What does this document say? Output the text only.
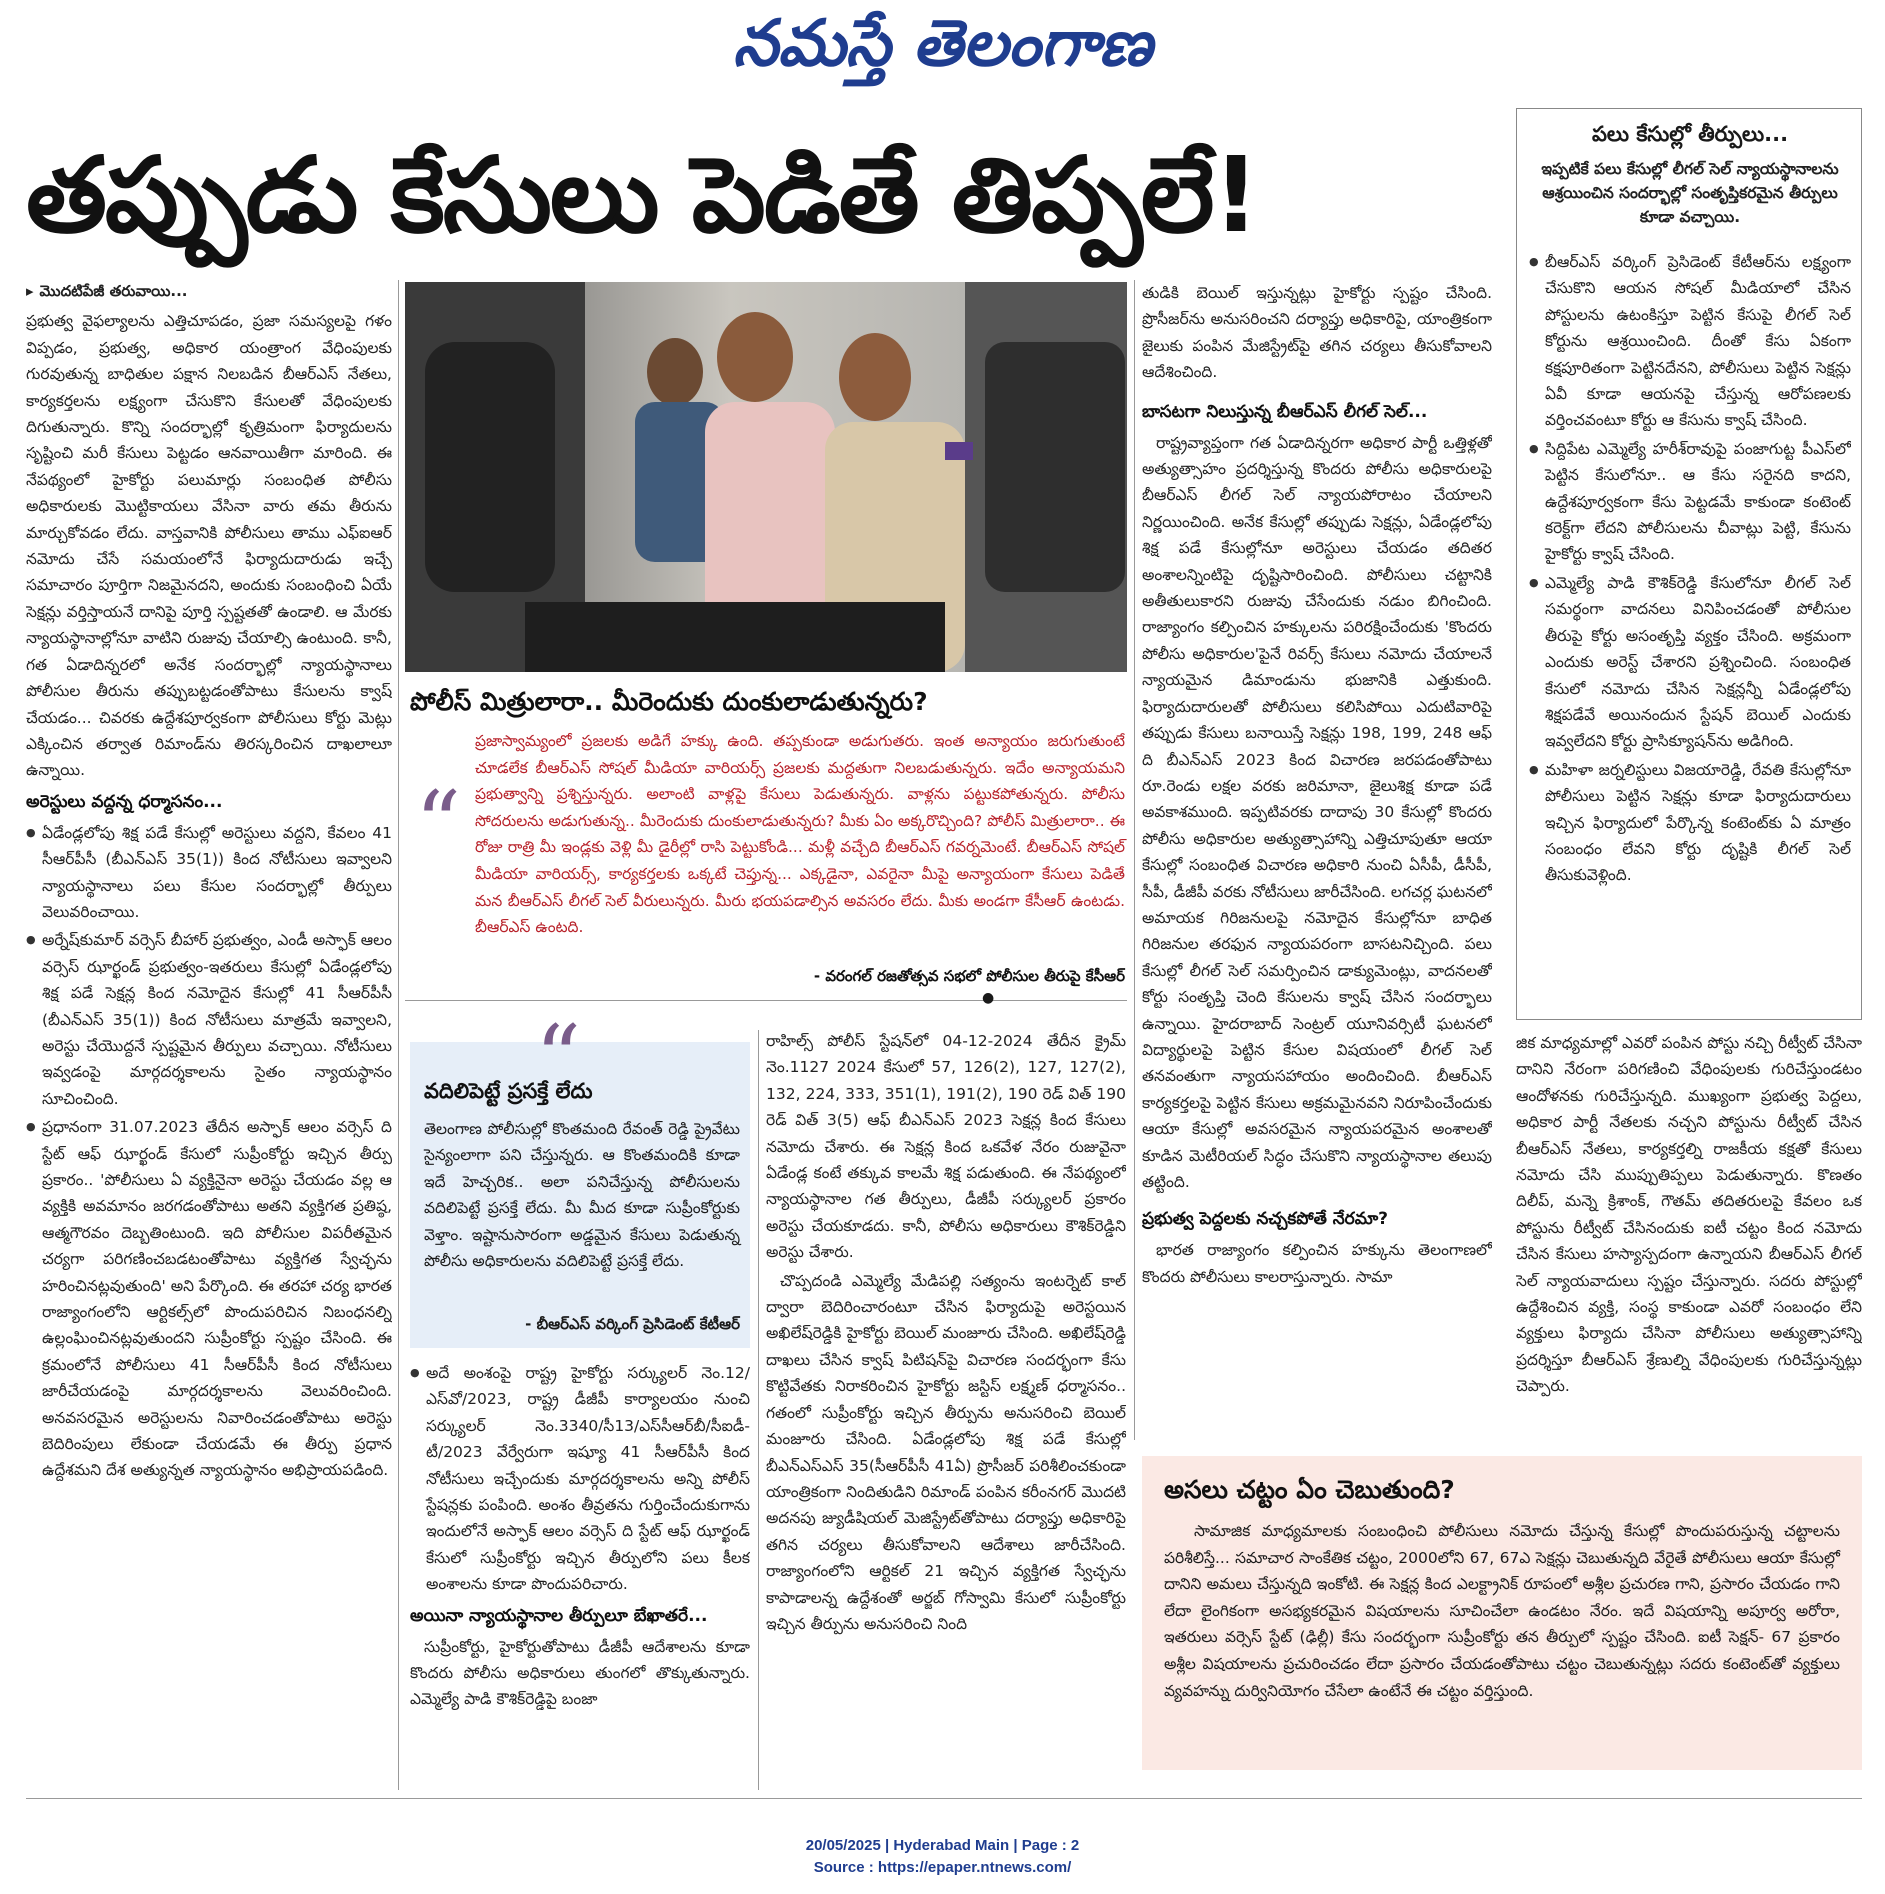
నమస్తే తెలంగాణ
తప్పుడు కేసులు పెడితే తిప్పలే!
▸ మొదటిపేజీ తరువాయి...

ప్రభుత్వ వైఫల్యాలను ఎత్తిచూపడం, ప్రజా సమస్యలపై గళం విప్పడం, ప్రభుత్వ, అధికార యంత్రాంగ వేధింపులకు గురవుతున్న బాధితుల పక్షాన నిలబడిన బీఆర్‌ఎస్ నేతలు, కార్యకర్తలను లక్ష్యంగా చేసుకొని కేసులతో వేధింపులకు దిగుతున్నారు. కొన్ని సందర్భాల్లో కృత్రిమంగా ఫిర్యాదులను సృష్టించి మరీ కేసులు పెట్టడం ఆనవాయితీగా మారింది. ఈ నేపథ్యంలో హైకోర్టు పలుమార్లు సంబంధిత పోలీసు అధికారులకు మొట్టికాయలు వేసినా వారు తమ తీరును మార్చుకోవడం లేదు. వాస్తవానికి పోలీసులు తాము ఎఫ్‌ఐఆర్ నమోదు చేసే సమయంలోనే ఫిర్యాదుదారుడు ఇచ్చే సమాచారం పూర్తిగా నిజమైనదని, అందుకు సంబంధించి ఏయే సెక్షన్లు వర్తిస్తాయనే దానిపై పూర్తి స్పష్టతతో ఉండాలి. ఆ మేరకు న్యాయస్థానాల్లోనూ వాటిని రుజువు చేయాల్సి ఉంటుంది. కానీ, గత ఏడాదిన్నరలో అనేక సందర్భాల్లో న్యాయస్థానాలు పోలీసుల తీరును తప్పుబట్టడంతోపాటు కేసులను క్వాష్ చేయడం... చివరకు ఉద్దేశపూర్వకంగా పోలీసులు కోర్టు మెట్లు ఎక్కించిన తర్వాత రిమాండ్‌ను తిరస్కరించిన దాఖలాలూ ఉన్నాయి.

అరెస్టులు వద్దన్న ధర్మాసనం...
● ఏడేండ్లలోపు శిక్ష పడే కేసుల్లో అరెస్టులు వద్దని, కేవలం 41 సీఆర్‌పీసీ (బీఎన్‌ఎస్ 35(1)) కింద నోటీసులు ఇవ్వాలని న్యాయస్థానాలు పలు కేసుల సందర్భాల్లో తీర్పులు వెలువరించాయి.
● అర్నేష్‌కుమార్ వర్సెస్ బీహార్ ప్రభుత్వం, ఎండీ అస్ఫాక్ ఆలం వర్సెస్ ఝార్ఖండ్ ప్రభుత్వం-ఇతరులు కేసుల్లో ఏడేండ్లలోపు శిక్ష పడే సెక్షన్ల కింద నమోదైన కేసుల్లో 41 సీఆర్‌పీసీ (బీఎన్‌ఎస్ 35(1)) కింద నోటీసులు మాత్రమే ఇవ్వాలని, అరెస్టు చేయొద్దనే స్పష్టమైన తీర్పులు వచ్చాయి. నోటీసులు ఇవ్వడంపై మార్గదర్శకాలను సైతం న్యాయస్థానం సూచించింది.
● ప్రధానంగా 31.07.2023 తేదీన అస్ఫాక్ ఆలం వర్సెస్ ది స్టేట్ ఆఫ్ ఝార్ఖండ్ కేసులో సుప్రీంకోర్టు ఇచ్చిన తీర్పు ప్రకారం.. 'పోలీసులు ఏ వ్యక్తినైనా అరెస్టు చేయడం వల్ల ఆ వ్యక్తికి అవమానం జరగడంతోపాటు అతని వ్యక్తిగత ప్రతిష్ఠ, ఆత్మగౌరవం దెబ్బతింటుంది. ఇది పోలీసుల విపరీతమైన చర్యగా పరిగణించబడటంతోపాటు వ్యక్తిగత స్వేచ్ఛను హరించినట్లవుతుంది' అని పేర్కొంది. ఈ తరహా చర్య భారత రాజ్యాంగంలోని ఆర్టికల్స్‌లో పొందుపరిచిన నిబంధనల్ని ఉల్లంఘించినట్లవుతుందని సుప్రీంకోర్టు స్పష్టం చేసింది. ఈ క్రమంలోనే పోలీసులు 41 సీఆర్‌పీసీ కింద నోటీసులు జారీచేయడంపై మార్గదర్శకాలను వెలువరించింది. అనవసరమైన అరెస్టులను నివారించడంతోపాటు అరెస్టు బెదిరింపులు లేకుండా చేయడమే ఈ తీర్పు ప్రధాన ఉద్దేశమని దేశ అత్యున్నత న్యాయస్థానం అభిప్రాయపడింది.
పోలీస్ మిత్రులారా.. మీరెందుకు దుంకులాడుతున్నరు?
“
ప్రజాస్వామ్యంలో ప్రజలకు అడిగే హక్కు ఉంది. తప్పకుండా అడుగుతరు. ఇంత అన్యాయం జరుగుతుంటే చూడలేక బీఆర్‌ఎస్ సోషల్ మీడియా వారియర్స్ ప్రజలకు మద్దతుగా నిలబడుతున్నరు. ఇదేం అన్యాయమని ప్రభుత్వాన్ని ప్రశ్నిస్తున్నరు. అలాంటి వాళ్లపై కేసులు పెడుతున్నరు. వాళ్లను పట్టుకపోతున్నరు. పోలీసు సోదరులను అడుగుతున్న.. మీరెందుకు దుంకులాడుతున్నరు? మీకు ఏం అక్కరొచ్చింది? పోలీస్ మిత్రులారా.. ఈ రోజు రాత్రి మీ ఇండ్లకు వెళ్లి మీ డైరీల్లో రాసి పెట్టుకోండి... మళ్లీ వచ్చేది బీఆర్‌ఎస్ గవర్నమెంటే. బీఆర్‌ఎస్ సోషల్ మీడియా వారియర్స్, కార్యకర్తలకు ఒక్కటే చెప్తున్న... ఎక్కడైనా, ఎవరైనా మీపై అన్యాయంగా కేసులు పెడితే మన బీఆర్‌ఎస్ లీగల్ సెల్ వీరులున్నరు. మీరు భయపడాల్సిన అవసరం లేదు. మీకు అండగా కేసీఆర్ ఉంటడు. బీఆర్‌ఎస్ ఉంటది.
- వరంగల్ రజతోత్సవ సభలో పోలీసుల తీరుపై కేసీఆర్
●
“
వదిలిపెట్టే ప్రసక్తే లేదు
తెలంగాణ పోలీసుల్లో కొంతమంది రేవంత్ రెడ్డి ప్రైవేటు సైన్యంలాగా పని చేస్తున్నరు. ఆ కొంతమందికి కూడా ఇదే హెచ్చరిక.. అలా పనిచేస్తున్న పోలీసులను వదిలిపెట్టే ప్రసక్తే లేదు. మీ మీద కూడా సుప్రీంకోర్టుకు వెళ్తాం. ఇష్టానుసారంగా అడ్డమైన కేసులు పెడుతున్న పోలీసు అధికారులను వదిలిపెట్టే ప్రసక్తే లేదు.
- బీఆర్‌ఎస్ వర్కింగ్ ప్రెసిడెంట్ కేటీఆర్
● అదే అంశంపై రాష్ట్ర హైకోర్టు సర్క్యులర్ నెం.12/ఎస్‌వో/2023, రాష్ట్ర డీజీపీ కార్యాలయం నుంచి సర్క్యులర్ నెం.3340/సీ13/ఎస్‌సీఆర్‌బీ/సీఐడీ-టీ/2023 వేర్వేరుగా ఇష్యూ 41 సీఆర్‌పీసీ కింద నోటీసులు ఇచ్చేందుకు మార్గదర్శకాలను అన్ని పోలీస్ స్టేషన్లకు పంపింది. అంశం తీవ్రతను గుర్తించేందుకుగాను ఇందులోనే అస్ఫాక్ ఆలం వర్సెస్ ది స్టేట్ ఆఫ్ ఝార్ఖండ్ కేసులో సుప్రీంకోర్టు ఇచ్చిన తీర్పులోని పలు కీలక అంశాలను కూడా పొందుపరిచారు.
అయినా న్యాయస్థానాల తీర్పులూ బేఖాతరే...

సుప్రీంకోర్టు, హైకోర్టుతోపాటు డీజీపీ ఆదేశాలను కూడా కొందరు పోలీసు అధికారులు తుంగలో తొక్కుతున్నారు. ఎమ్మెల్యే పాడి కౌశిక్‌రెడ్డిపై బంజా

రాహిల్స్ పోలీస్ స్టేషన్‌లో 04-12-2024 తేదీన క్రైమ్ నెం.1127 2024 కేసులో 57, 126(2), 127, 127(2), 132, 224, 333, 351(1), 191(2), 190 రెడ్ విత్ 190 రెడ్ విత్ 3(5) ఆఫ్ బీఎన్‌ఎస్ 2023 సెక్షన్ల కింద కేసులు నమోదు చేశారు. ఈ సెక్షన్ల కింద ఒకవేళ నేరం రుజువైనా ఏడేండ్ల కంటే తక్కువ కాలమే శిక్ష పడుతుంది. ఈ నేపథ్యంలో న్యాయస్థానాల గత తీర్పులు, డీజీపీ సర్క్యులర్ ప్రకారం అరెస్టు చేయకూడదు. కానీ, పోలీసు అధికారులు కౌశిక్‌రెడ్డిని అరెస్టు చేశారు.

చొప్పదండి ఎమ్మెల్యే మేడిపల్లి సత్యంను ఇంటర్నెట్ కాల్ ద్వారా బెదిరించారంటూ చేసిన ఫిర్యాదుపై అరెస్టయిన అఖిలేష్‌రెడ్డికి హైకోర్టు బెయిల్ మంజూరు చేసింది. అఖిలేష్‌రెడ్డి దాఖలు చేసిన క్వాష్ పిటిషన్‌పై విచారణ సందర్భంగా కేసు కొట్టివేతకు నిరాకరించిన హైకోర్టు జస్టిస్ లక్ష్మణ్ ధర్మాసనం.. గతంలో సుప్రీంకోర్టు ఇచ్చిన తీర్పును అనుసరించి బెయిల్ మంజూరు చేసింది. ఏడేండ్లలోపు శిక్ష పడే కేసుల్లో బీఎన్‌ఎస్ఎస్ 35(సీఆర్‌పీసీ 41ఏ) ప్రొసీజర్ పరిశీలించకుండా యాంత్రికంగా నిందితుడిని రిమాండ్ పంపిన కరీంనగర్ మొదటి అదనపు జ్యుడీషియల్ మెజిస్ట్రేట్‌తోపాటు దర్యాప్తు అధికారిపై తగిన చర్యలు తీసుకోవాలని ఆదేశాలు జారీచేసింది. రాజ్యాంగంలోని ఆర్టికల్ 21 ఇచ్చిన వ్యక్తిగత స్వేచ్ఛను కాపాడాలన్న ఉద్దేశంతో అర్జబ్ గోస్వామి కేసులో సుప్రీంకోర్టు ఇచ్చిన తీర్పును అనుసరించి నింది

తుడికి బెయిల్ ఇస్తున్నట్లు హైకోర్టు స్పష్టం చేసింది. ప్రొసీజర్‌ను అనుసరించని దర్యాప్తు అధికారిపై, యాంత్రికంగా జైలుకు పంపిన మేజిస్ట్రేట్‌పై తగిన చర్యలు తీసుకోవాలని ఆదేశించింది.

బాసటగా నిలుస్తున్న బీఆర్‌ఎస్ లీగల్ సెల్...

రాష్ట్రవ్యాప్తంగా గత ఏడాదిన్నరగా అధికార పార్టీ ఒత్తిళ్లతో అత్యుత్సాహం ప్రదర్శిస్తున్న కొందరు పోలీసు అధికారులపై బీఆర్‌ఎస్ లీగల్ సెల్ న్యాయపోరాటం చేయాలని నిర్ణయించింది. అనేక కేసుల్లో తప్పుడు సెక్షన్లు, ఏడేండ్లలోపు శిక్ష పడే కేసుల్లోనూ అరెస్టులు చేయడం తదితర అంశాలన్నింటిపై దృష్టిసారించింది. పోలీసులు చట్టానికి అతీతులుకారని రుజువు చేసేందుకు నడుం బిగించింది. రాజ్యాంగం కల్పించిన హక్కులను పరిరక్షించేందుకు 'కొందరు పోలీసు అధికారుల'పైనే రివర్స్ కేసులు నమోదు చేయాలనే న్యాయమైన డిమాండును భుజానికి ఎత్తుకుంది. ఫిర్యాదుదారులతో పోలీసులు కలిసిపోయి ఎదుటివారిపై తప్పుడు కేసులు బనాయిస్తే సెక్షన్లు 198, 199, 248 ఆఫ్ ది బీఎన్‌ఎస్ 2023 కింద విచారణ జరపడంతోపాటు రూ.రెండు లక్షల వరకు జరిమానా, జైలుశిక్ష కూడా పడే అవకాశముంది. ఇప్పటివరకు దాదాపు 30 కేసుల్లో కొందరు పోలీసు అధికారుల అత్యుత్సాహాన్ని ఎత్తిచూపుతూ ఆయా కేసుల్లో సంబంధిత విచారణ అధికారి నుంచి ఏసీపీ, డీసీపీ, సీపీ, డీజీపీ వరకు నోటీసులు జారీచేసింది. లగచర్ల ఘటనలో అమాయక గిరిజనులపై నమోదైన కేసుల్లోనూ బాధిత గిరిజనుల తరఫున న్యాయపరంగా బాసటనిచ్చింది. పలు కేసుల్లో లీగల్ సెల్ సమర్పించిన డాక్యుమెంట్లు, వాదనలతో కోర్టు సంతృప్తి చెంది కేసులను క్వాష్ చేసిన సందర్భాలు ఉన్నాయి. హైదరాబాద్ సెంట్రల్ యూనివర్సిటీ ఘటనలో విద్యార్థులపై పెట్టిన కేసుల విషయంలో లీగల్ సెల్ తనవంతుగా న్యాయసహాయం అందించింది. బీఆర్‌ఎస్ కార్యకర్తలపై పెట్టిన కేసులు అక్రమమైనవని నిరూపించేందుకు ఆయా కేసుల్లో అవసరమైన న్యాయపరమైన అంశాలతో కూడిన మెటీరియల్ సిద్ధం చేసుకొని న్యాయస్థానాల తలుపు తట్టింది.

ప్రభుత్వ పెద్దలకు నచ్చకపోతే నేరమా?

భారత రాజ్యాంగం కల్పించిన హక్కును తెలంగాణలో కొందరు పోలీసులు కాలరాస్తున్నారు. సామా

పలు కేసుల్లో తీర్పులు...
ఇప్పటికే పలు కేసుల్లో లీగల్ సెల్ న్యాయస్థానాలను ఆశ్రయించిన సందర్భాల్లో సంతృప్తికరమైన తీర్పులు కూడా వచ్చాయి.
● బీఆర్‌ఎస్ వర్కింగ్ ప్రెసిడెంట్ కేటీఆర్‌ను లక్ష్యంగా చేసుకొని ఆయన సోషల్ మీడియాలో చేసిన పోస్టులను ఉటంకిస్తూ పెట్టిన కేసుపై లీగల్ సెల్ కోర్టును ఆశ్రయించింది. దీంతో కేసు ఏకంగా కక్షపూరితంగా పెట్టినదేనని, పోలీసులు పెట్టిన సెక్షన్లు ఏవీ కూడా ఆయనపై చేస్తున్న ఆరోపణలకు వర్తించవంటూ కోర్టు ఆ కేసును క్వాష్ చేసింది.
● సిద్దిపేట ఎమ్మెల్యే హరీశ్‌రావుపై పంజాగుట్ట పీఎస్‌లో పెట్టిన కేసులోనూ.. ఆ కేసు సరైనది కాదని, ఉద్దేశపూర్వకంగా కేసు పెట్టడమే కాకుండా కంటెంట్ కరెక్ట్‌గా లేదని పోలీసులను చీవాట్లు పెట్టి, కేసును హైకోర్టు క్వాష్ చేసింది.
● ఎమ్మెల్యే పాడి కౌశిక్‌రెడ్డి కేసులోనూ లీగల్ సెల్ సమర్థంగా వాదనలు వినిపించడంతో పోలీసుల తీరుపై కోర్టు అసంతృప్తి వ్యక్తం చేసింది. అక్రమంగా ఎందుకు అరెస్ట్ చేశారని ప్రశ్నించింది. సంబంధిత కేసులో నమోదు చేసిన సెక్షన్లన్నీ ఏడేండ్లలోపు శిక్షపడేవే అయినందున స్టేషన్ బెయిల్ ఎందుకు ఇవ్వలేదని కోర్టు ప్రాసిక్యూషన్‌ను అడిగింది.
● మహిళా జర్నలిస్టులు విజయారెడ్డి, రేవతి కేసుల్లోనూ పోలీసులు పెట్టిన సెక్షన్లు కూడా ఫిర్యాదుదారులు ఇచ్చిన ఫిర్యాదులో పేర్కొన్న కంటెంట్‌కు ఏ మాత్రం సంబంధం లేవని కోర్టు దృష్టికి లీగల్ సెల్ తీసుకువెళ్లింది.

జిక మాధ్యమాల్లో ఎవరో పంపిన పోస్టు నచ్చి రీట్వీట్ చేసినా దానిని నేరంగా పరిగణించి వేధింపులకు గురిచేస్తుండటం ఆందోళనకు గురిచేస్తున్నది. ముఖ్యంగా ప్రభుత్వ పెద్దలు, అధికార పార్టీ నేతలకు నచ్చని పోస్టును రీట్వీట్ చేసిన బీఆర్‌ఎస్ నేతలు, కార్యకర్తల్ని రాజకీయ కక్షతో కేసులు నమోదు చేసి ముప్పుతిప్పలు పెడుతున్నారు. కొణతం దిలీప్, మన్నె క్రిశాంక్, గౌతమ్ తదితరులపై కేవలం ఒక పోస్టును రీట్వీట్ చేసినందుకు ఐటీ చట్టం కింద నమోదు చేసిన కేసులు హస్యాస్పదంగా ఉన్నాయని బీఆర్‌ఎస్ లీగల్ సెల్ న్యాయవాదులు స్పష్టం చేస్తున్నారు. సదరు పోస్టుల్లో ఉద్దేశించిన వ్యక్తి, సంస్థ కాకుండా ఎవరో సంబంధం లేని వ్యక్తులు ఫిర్యాదు చేసినా పోలీసులు అత్యుత్సాహాన్ని ప్రదర్శిస్తూ బీఆర్‌ఎస్ శ్రేణుల్ని వేధింపులకు గురిచేస్తున్నట్లు చెప్పారు.

అసలు చట్టం ఏం చెబుతుంది?
సామాజిక మాధ్యమాలకు సంబంధించి పోలీసులు నమోదు చేస్తున్న కేసుల్లో పొందుపరుస్తున్న చట్టాలను పరిశీలిస్తే... సమాచార సాంకేతిక చట్టం, 2000లోని 67, 67ఎ సెక్షన్లు చెబుతున్నది వేరైతే పోలీసులు ఆయా కేసుల్లో దానిని అమలు చేస్తున్నది ఇంకోటి. ఈ సెక్షన్ల కింద ఎలక్ట్రానిక్ రూపంలో అశ్లీల ప్రచురణ గాని, ప్రసారం చేయడం గాని లేదా లైంగికంగా అసభ్యకరమైన విషయాలను సూచించేలా ఉండటం నేరం. ఇదే విషయాన్ని అపూర్వ అరోరా, ఇతరులు వర్సెస్ స్టేట్ (ఢిల్లీ) కేసు సందర్భంగా సుప్రీంకోర్టు తన తీర్పులో స్పష్టం చేసింది. ఐటీ సెక్షన్- 67 ప్రకారం అశ్లీల విషయాలను ప్రచురించడం లేదా ప్రసారం చేయడంతోపాటు చట్టం చెబుతున్నట్లు సదరు కంటెంట్‌తో వ్యక్తులు వ్యవహన్ను దుర్వినియోగం చేసేలా ఉంటేనే ఈ చట్టం వర్తిస్తుంది.
20/05/2025 | Hyderabad Main | Page : 2
Source : https://epaper.ntnews.com/
